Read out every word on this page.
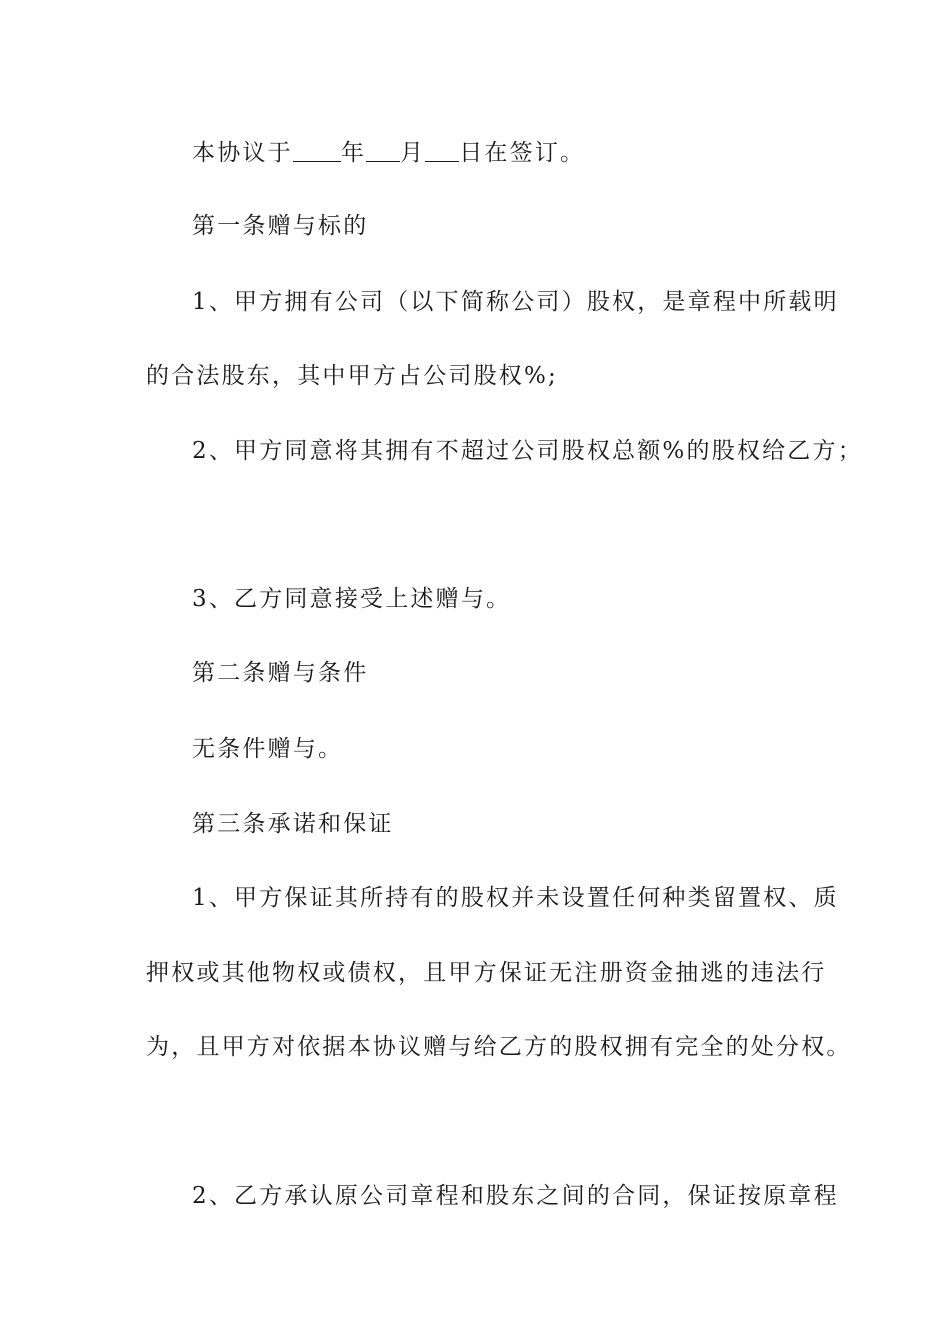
本协议于 年 月 日在签订。
第一条赠与标的
1、甲方拥有公司（以下简称公司）股权，是章程中所载明
的合法股东，其中甲方占公司股权%;
2、甲方同意将其拥有不超过公司股权总额%的股权给乙方；
3、乙方同意接受上述赠与。
第二条赠与条件
无条件赠与。
第三条承诺和保证
1、甲方保证其所持有的股权并未设置任何种类留置权、质
押权或其他物权或债权，且甲方保证无注册资金抽逃的违法行
为，且甲方对依据本协议赠与给乙方的股权拥有完全的处分权。
2、乙方承认原公司章程和股东之间的合同，保证按原章程
